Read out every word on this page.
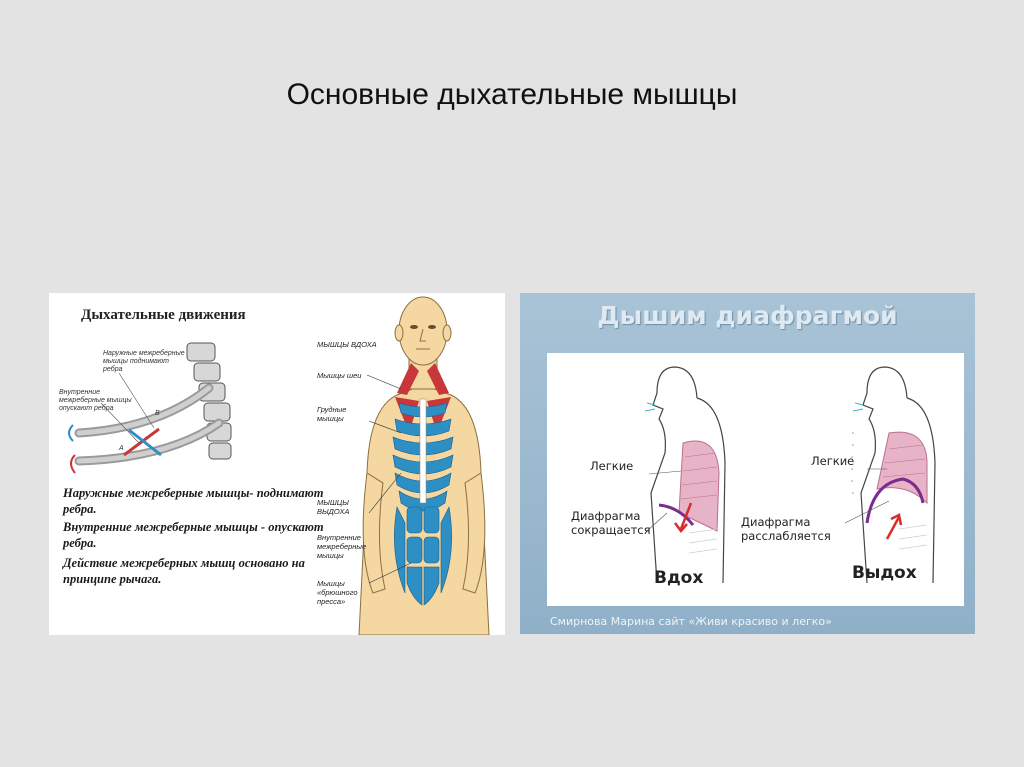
Основные дыхательные мышцы
Дыхательные движения
Наружные межреберные мышцы поднимают ребра
Внутренние межреберные мышцы опускают ребра
A
B
Наружные межреберные мышцы- поднимают ребра.
Внутренние межреберные мышцы - опускают ребра.
Действие межреберных мышц основано на принципе рычага.
МЫШЦЫ ВДОХА
Мышцы шеи
Грудные мышцы
МЫШЦЫ ВЫДОХА
Внутренние межреберные мышцы
Мышцы «брюшного пресса»
Дышим диафрагмой
Легкие
Диафрагма сокращается
Вдох
Легкие
Диафрагма расслабляется
Выдох
Смирнова Марина сайт «Живи красиво и легко»
